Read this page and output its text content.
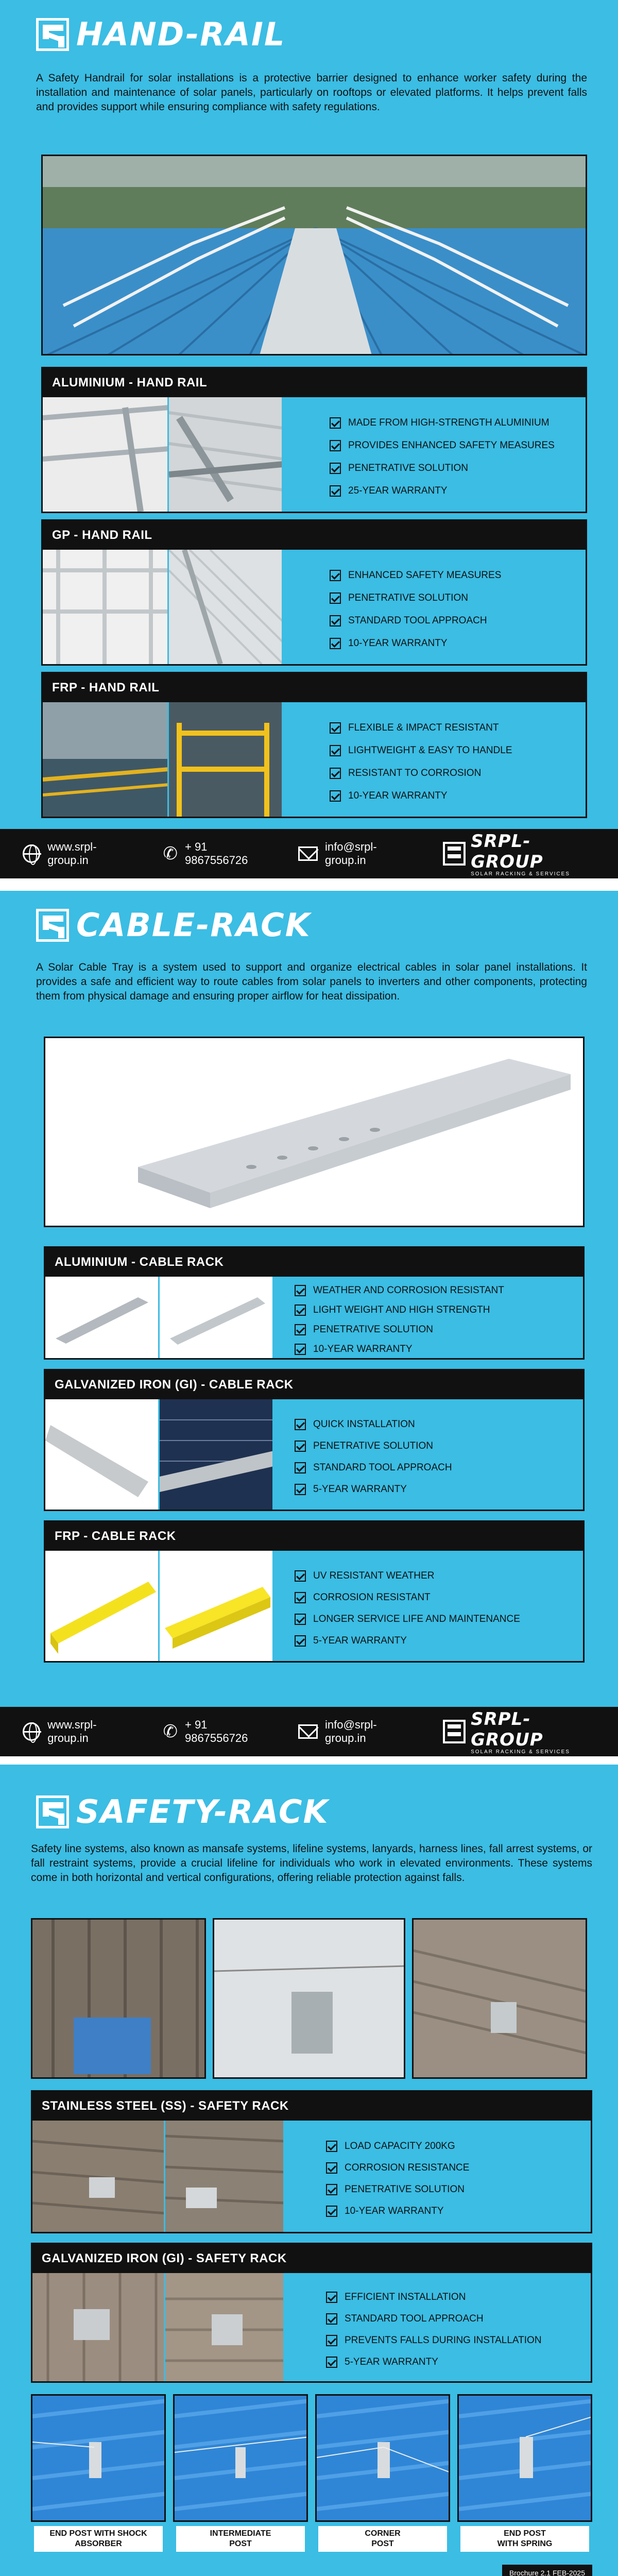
HAND-RAIL

A Safety Handrail for solar installations is a protective barrier designed to enhance worker safety during the installation and maintenance of solar panels, particularly on rooftops or elevated platforms. It helps prevent falls and provides support while ensuring compliance with safety regulations.

ALUMINIUM - HAND RAIL
MADE FROM HIGH-STRENGTH ALUMINIUM
PROVIDES ENHANCED SAFETY MEASURES
PENETRATIVE SOLUTION
25-YEAR WARRANTY
GP - HAND RAIL
ENHANCED SAFETY MEASURES
PENETRATIVE SOLUTION
STANDARD TOOL APPROACH
10-YEAR WARRANTY
FRP - HAND RAIL
FLEXIBLE & IMPACT RESISTANT
LIGHTWEIGHT & EASY TO HANDLE
RESISTANT TO CORROSION
10-YEAR WARRANTY
www.srpl-group.in	✆ + 91 9867556726
info@srpl-group.in
SRPL-GROUP
SOLAR RACKING & SERVICES
CABLE-RACK

A Solar Cable Tray is a system used to support and organize electrical cables in solar panel installations. It provides a safe and efficient way to route cables from solar panels to inverters and other components, protecting them from physical damage and ensuring proper airflow for heat dissipation.

ALUMINIUM - CABLE RACK
WEATHER AND CORROSION RESISTANT
LIGHT WEIGHT AND HIGH STRENGTH
PENETRATIVE SOLUTION
10-YEAR WARRANTY
GALVANIZED IRON (GI) - CABLE RACK
QUICK INSTALLATION
PENETRATIVE SOLUTION
STANDARD TOOL APPROACH
5-YEAR WARRANTY
FRP - CABLE RACK
UV RESISTANT WEATHER
CORROSION RESISTANT
LONGER SERVICE LIFE AND MAINTENANCE
5-YEAR WARRANTY
www.srpl-group.in	✆ + 91 9867556726
info@srpl-group.in
SRPL-GROUP
SOLAR RACKING & SERVICES
SAFETY-RACK

Safety line systems, also known as mansafe systems, lifeline systems, lanyards, harness lines, fall arrest systems, or fall restraint systems, provide a crucial lifeline for individuals who work in elevated environments. These systems come in both horizontal and vertical configurations, offering reliable protection against falls.

STAINLESS STEEL (SS) - SAFETY RACK
LOAD CAPACITY 200KG
CORROSION RESISTANCE
PENETRATIVE SOLUTION
10-YEAR WARRANTY
GALVANIZED IRON (GI) - SAFETY RACK
EFFICIENT INSTALLATION
STANDARD TOOL APPROACH
PREVENTS FALLS DURING INSTALLATION
5-YEAR WARRANTY
END POST WITH SHOCK
ABSORBER
INTERMEDIATE
POST
CORNER
POST
END POST
WITH SPRING
Brochure 2.1 FEB-2025
